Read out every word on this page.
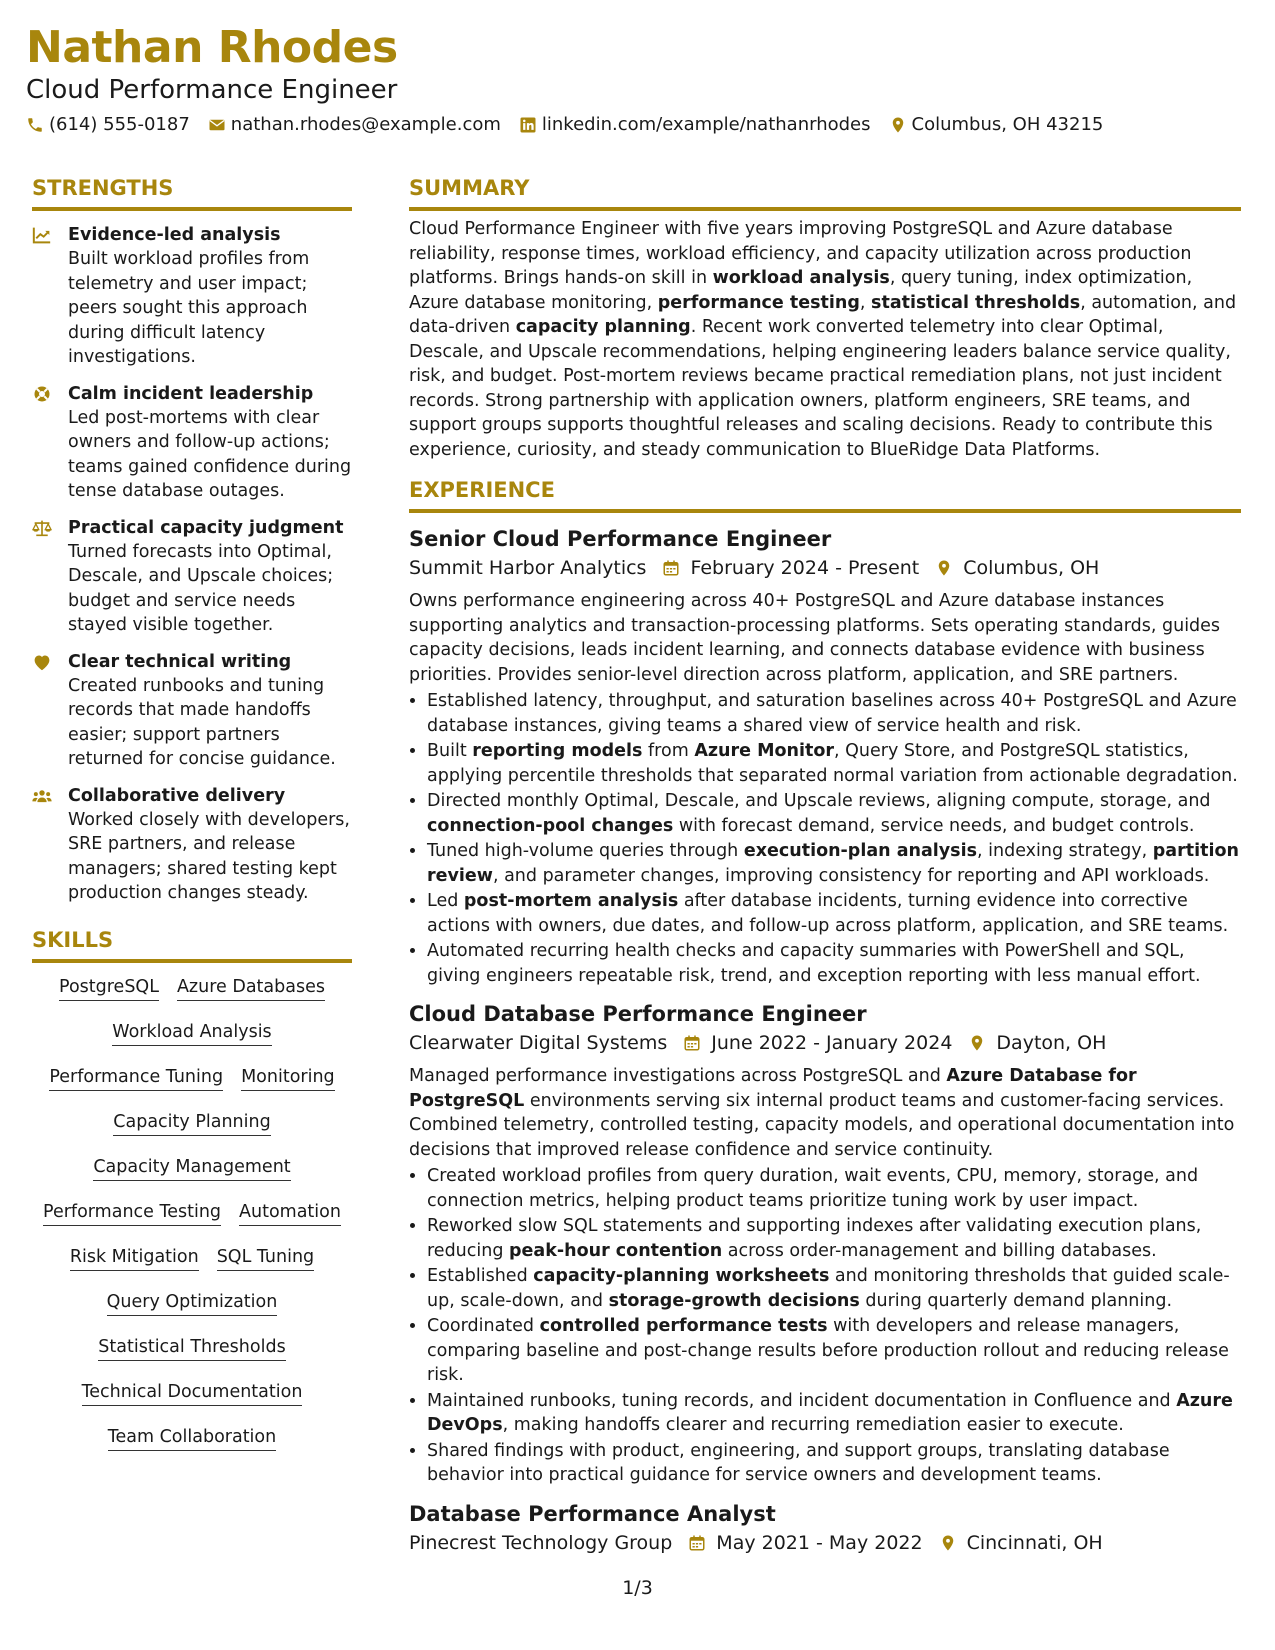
Nathan Rhodes
Cloud Performance Engineer
(614) 555-0187 nathan.rhodes@example.com linkedin.com/example/nathanrhodes Columbus, OH 43215
STRENGTHS
Evidence-led analysis
Built workload profiles from telemetry and user impact; peers sought this approach during difficult latency investigations.
Calm incident leadership
Led post-mortems with clear owners and follow-up actions; teams gained confidence during tense database outages.
Practical capacity judgment
Turned forecasts into Optimal, Descale, and Upscale choices; budget and service needs stayed visible together.
Clear technical writing
Created runbooks and tuning records that made handoffs easier; support partners returned for concise guidance.
Collaborative delivery
Worked closely with developers, SRE partners, and release managers; shared testing kept production changes steady.
SKILLS
PostgreSQL Azure Databases
Workload Analysis
Performance Tuning Monitoring
Capacity Planning
Capacity Management
Performance Testing Automation
Risk Mitigation SQL Tuning
Query Optimization
Statistical Thresholds
Technical Documentation
Team Collaboration
SUMMARY

Cloud Performance Engineer with five years improving PostgreSQL and Azure database reliability, response times, workload efficiency, and capacity utilization across production platforms. Brings hands-on skill in workload analysis, query tuning, index optimization, Azure database monitoring, performance testing, statistical thresholds, automation, and data-driven capacity planning. Recent work converted telemetry into clear Optimal, Descale, and Upscale recommendations, helping engineering leaders balance service quality, risk, and budget. Post-mortem reviews became practical remediation plans, not just incident records. Strong partnership with application owners, platform engineers, SRE teams, and support groups supports thoughtful releases and scaling decisions. Ready to contribute this experience, curiosity, and steady communication to BlueRidge Data Platforms.

EXPERIENCE
Senior Cloud Performance Engineer
Summit Harbor Analytics February 2024 - Present Columbus, OH

Owns performance engineering across 40+ PostgreSQL and Azure database instances supporting analytics and transaction-processing platforms. Sets operating standards, guides capacity decisions, leads incident learning, and connects database evidence with business priorities. Provides senior-level direction across platform, application, and SRE partners.

• Established latency, throughput, and saturation baselines across 40+ PostgreSQL and Azure database instances, giving teams a shared view of service health and risk.
• Built reporting models from Azure Monitor, Query Store, and PostgreSQL statistics, applying percentile thresholds that separated normal variation from actionable degradation.
• Directed monthly Optimal, Descale, and Upscale reviews, aligning compute, storage, and connection-pool changes with forecast demand, service needs, and budget controls.
• Tuned high-volume queries through execution-plan analysis, indexing strategy, partition review, and parameter changes, improving consistency for reporting and API workloads.
• Led post-mortem analysis after database incidents, turning evidence into corrective actions with owners, due dates, and follow-up across platform, application, and SRE teams.
• Automated recurring health checks and capacity summaries with PowerShell and SQL, giving engineers repeatable risk, trend, and exception reporting with less manual effort.
Cloud Database Performance Engineer
Clearwater Digital Systems June 2022 - January 2024 Dayton, OH

Managed performance investigations across PostgreSQL and Azure Database for PostgreSQL environments serving six internal product teams and customer-facing services. Combined telemetry, controlled testing, capacity models, and operational documentation into decisions that improved release confidence and service continuity.

• Created workload profiles from query duration, wait events, CPU, memory, storage, and connection metrics, helping product teams prioritize tuning work by user impact.
• Reworked slow SQL statements and supporting indexes after validating execution plans, reducing peak-hour contention across order-management and billing databases.
• Established capacity-planning worksheets and monitoring thresholds that guided scale-up, scale-down, and storage-growth decisions during quarterly demand planning.
• Coordinated controlled performance tests with developers and release managers, comparing baseline and post-change results before production rollout and reducing release risk.
• Maintained runbooks, tuning records, and incident documentation in Confluence and Azure DevOps, making handoffs clearer and recurring remediation easier to execute.
• Shared findings with product, engineering, and support groups, translating database behavior into practical guidance for service owners and development teams.
Database Performance Analyst
Pinecrest Technology Group May 2021 - May 2022 Cincinnati, OH
1/3
